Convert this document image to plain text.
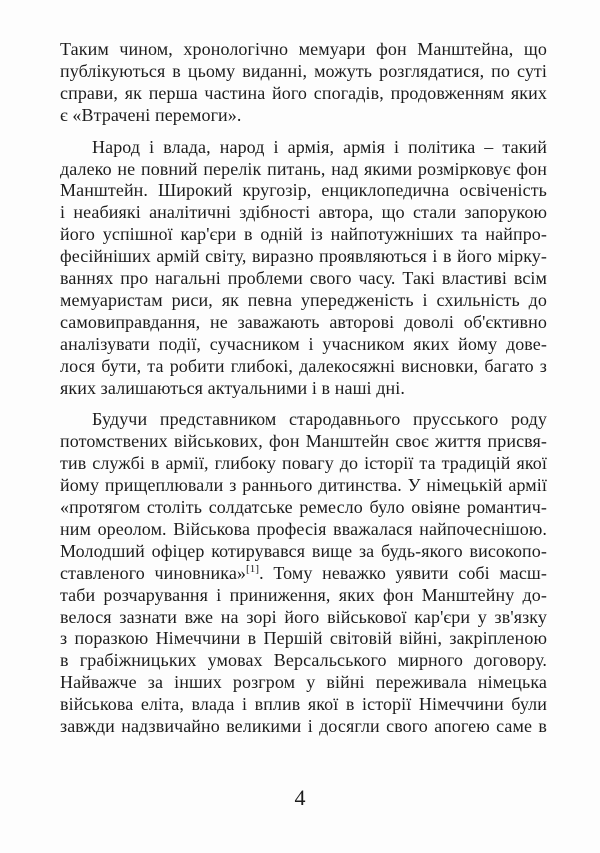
Таким чином, хронологічно мемуари фон Манштейна, що
публікуються в цьому виданні, можуть розглядатися, по суті
справи, як перша частина його спогадів, продовженням яких
є «Втрачені перемоги».
Народ і влада, народ і армія, армія і політика – такий
далеко не повний перелік питань, над якими розмірковує фон
Манштейн. Широкий кругозір, енциклопедична освіченість
і неабиякі аналітичні здібності автора, що стали запорукою
його успішної кар'єри в одній із найпотужніших та найпро-
фесійніших армій світу, виразно проявляються і в його мірку-
ваннях про нагальні проблеми свого часу. Такі властиві всім
мемуаристам риси, як певна упередженість і схильність до
самовиправдання, не заважають авторові доволі об'єктивно
аналізувати події, сучасником і учасником яких йому дове-
лося бути, та робити глибокі, далекосяжні висновки, багато з
яких залишаються актуальними і в наші дні.
Будучи представником стародавнього прусського роду
потомствених військових, фон Манштейн своє життя присвя-
тив службі в армії, глибоку повагу до історії та традицій якої
йому прищеплювали з раннього дитинства. У німецькій армії
«протягом століть солдатське ремесло було овіяне романтич-
ним ореолом. Військова професія вважалася найпочеснішою.
Молодший офіцер котирувався вище за будь-якого високопо-
ставленого чиновника»[1]. Тому неважко уявити собі масш-
таби розчарування і приниження, яких фон Манштейну до-
велося зазнати вже на зорі його військової кар'єри у зв'язку
з поразкою Німеччини в Першій світовій війні, закріпленою
в грабіжницьких умовах Версальського мирного договору.
Найважче за інших розгром у війні переживала німецька
військова еліта, влада і вплив якої в історії Німеччини були
завжди надзвичайно великими і досягли свого апогею саме в
4
